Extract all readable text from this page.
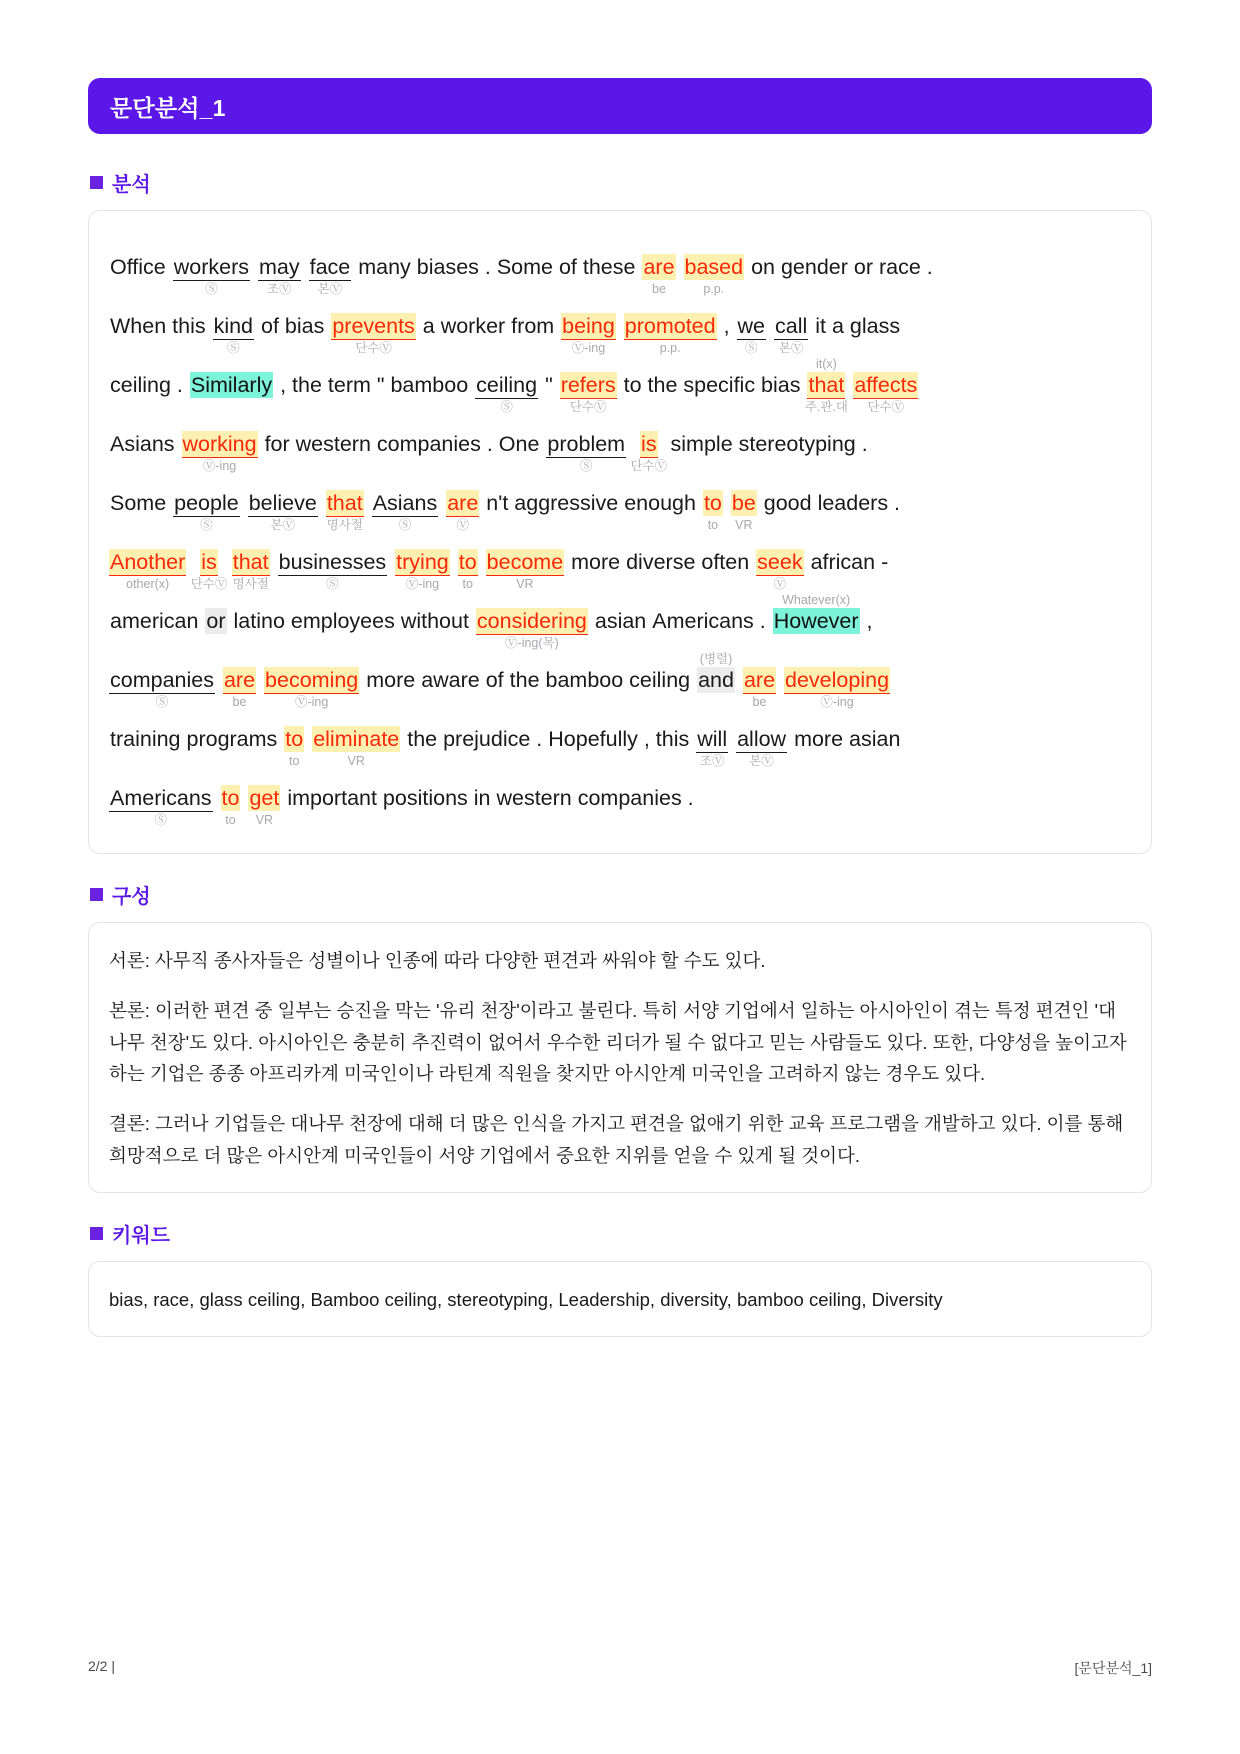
문단분석_1
분석
Office workers
Ⓢ
may
조Ⓥ
face
본Ⓥ
many biases . Some of these are
be
based
p.p.
on gender or race .
When this kind
Ⓢ
of bias prevents
단수Ⓥ
a worker from being
Ⓥ-ing
promoted
p.p.
, we
Ⓢ
call
본Ⓥ
it a glass
ceiling . Similarly , the term " bamboo ceiling
Ⓢ
" refers
단수Ⓥ
to the specific bias that
주.관.대
it(x)
affects
단수Ⓥ
Asians working
Ⓥ-ing
for western companies . One problem
Ⓢ
is
단수Ⓥ
simple stereotyping .
Some people
Ⓢ
believe
본Ⓥ
that
명사절
Asians
Ⓢ
are
Ⓥ
n't aggressive enough to
to
be
VR
good leaders .
Another
other(x)
is
단수Ⓥ
that
명사절
businesses
Ⓢ
trying
Ⓥ-ing
to
to
become
VR
more diverse often seek
Ⓥ
african -
american or latino employees without considering
Ⓥ-ing(목)
asian Americans . However
Whatever(x)
,
companies
Ⓢ
are
be
becoming
Ⓥ-ing
more aware of the bamboo ceiling and
(병렬)
are
be
developing
Ⓥ-ing
training programs to
to
eliminate
VR
the prejudice . Hopefully , this will
조Ⓥ
allow
본Ⓥ
more asian
Americans
Ⓢ
to
to
get
VR
important positions in western companies .
구성

서론: 사무직 종사자들은 성별이나 인종에 따라 다양한 편견과 싸워야 할 수도 있다.

본론: 이러한 편견 중 일부는 승진을 막는 '유리 천장'이라고 불린다. 특히 서양 기업에서 일하는 아시아인이 겪는 특정 편견인 '대나무 천장'도 있다. 아시아인은 충분히 추진력이 없어서 우수한 리더가 될 수 없다고 믿는 사람들도 있다. 또한, 다양성을 높이고자 하는 기업은 종종 아프리카계 미국인이나 라틴계 직원을 찾지만 아시안계 미국인을 고려하지 않는 경우도 있다.

결론: 그러나 기업들은 대나무 천장에 대해 더 많은 인식을 가지고 편견을 없애기 위한 교육 프로그램을 개발하고 있다. 이를 통해 희망적으로 더 많은 아시안계 미국인들이 서양 기업에서 중요한 지위를 얻을 수 있게 될 것이다.

키워드

bias, race, glass ceiling, Bamboo ceiling, stereotyping, Leadership, diversity, bamboo ceiling, Diversity

2/2 |	[문단분석_1]
